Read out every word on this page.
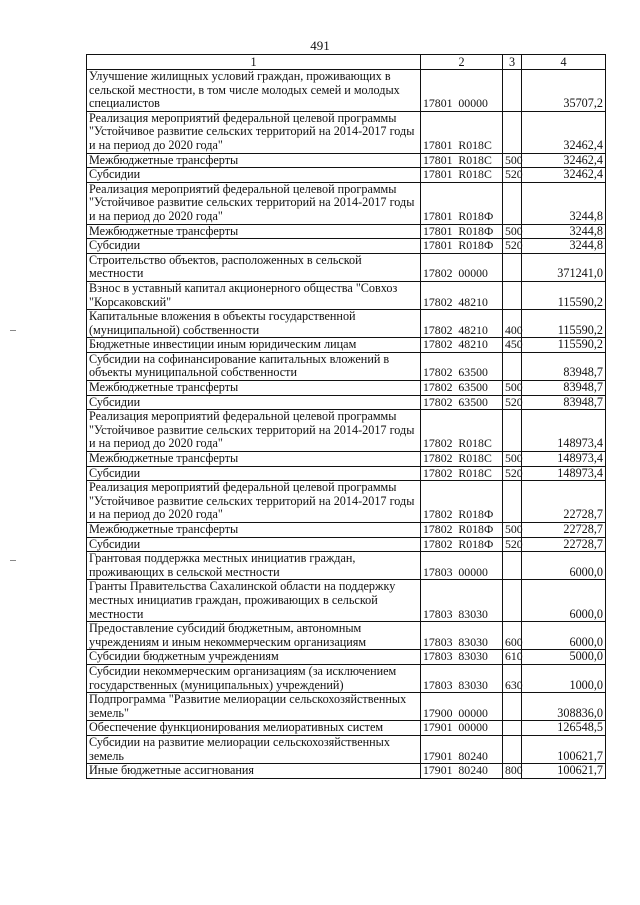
491
1	2	3	4
Улучшение жилищных условий граждан, проживающих в сельской местности, в том числе молодых семей и молодых специалистов	17801  00000		35707,2
Реализация мероприятий федеральной целевой программы "Устойчивое развитие сельских территорий на 2014-2017 годы и на период до 2020 года"	17801  R018C		32462,4
Межбюджетные трансферты	17801  R018C	500	32462,4
Субсидии	17801  R018C	520	32462,4
Реализация мероприятий федеральной целевой программы "Устойчивое развитие сельских территорий на 2014-2017 годы и на период до 2020 года"	17801  R018Ф		3244,8
Межбюджетные трансферты	17801  R018Ф	500	3244,8
Субсидии	17801  R018Ф	520	3244,8
Строительство объектов, расположенных в сельской местности	17802  00000		371241,0
Взнос в уставный капитал акционерного общества "Совхоз "Корсаковский"	17802  48210		115590,2
Капитальные вложения в объекты государственной (муниципальной) собственности	17802  48210	400	115590,2
Бюджетные инвестиции иным юридическим лицам	17802  48210	450	115590,2
Субсидии на софинансирование капитальных вложений в объекты муниципальной собственности	17802  63500		83948,7
Межбюджетные трансферты	17802  63500	500	83948,7
Субсидии	17802  63500	520	83948,7
Реализация мероприятий федеральной целевой программы "Устойчивое развитие сельских территорий на 2014-2017 годы и на период до 2020 года"	17802  R018C		148973,4
Межбюджетные трансферты	17802  R018C	500	148973,4
Субсидии	17802  R018C	520	148973,4
Реализация мероприятий федеральной целевой программы "Устойчивое развитие сельских территорий на 2014-2017 годы и на период до 2020 года"	17802  R018Ф		22728,7
Межбюджетные трансферты	17802  R018Ф	500	22728,7
Субсидии	17802  R018Ф	520	22728,7
Грантовая поддержка местных инициатив граждан, проживающих в сельской местности	17803  00000		6000,0
Гранты Правительства Сахалинской области на поддержку местных инициатив граждан, проживающих в сельской местности	17803  83030		6000,0
Предоставление субсидий бюджетным, автономным учреждениям и иным некоммерческим организациям	17803  83030	600	6000,0
Субсидии бюджетным учреждениям	17803  83030	610	5000,0
Субсидии некоммерческим организациям (за исключением государственных (муниципальных) учреждений)	17803  83030	630	1000,0
Подпрограмма "Развитие мелиорации сельскохозяйственных земель"	17900  00000		308836,0
Обеспечение функционирования мелиоративных систем	17901  00000		126548,5
Субсидии на развитие мелиорации сельскохозяйственных земель	17901  80240		100621,7
Иные бюджетные ассигнования	17901  80240	800	100621,7
